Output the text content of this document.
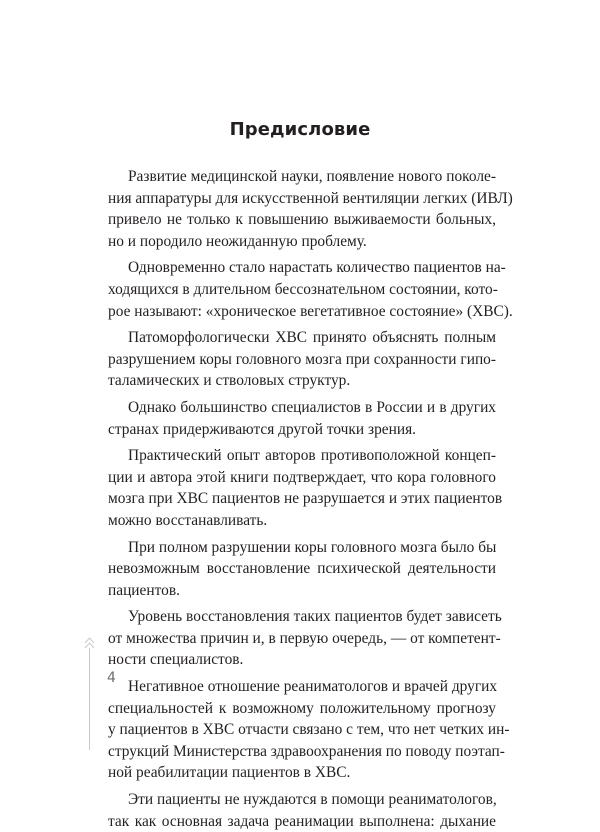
Предисловие
Развитие медицинской науки, появление нового поколе-
ния аппаратуры для искусственной вентиляции легких (ИВЛ)
привело не только к повышению выживаемости больных,
но и породило неожиданную проблему.
Одновременно стало нарастать количество пациентов на-
ходящихся в длительном бессознательном состоянии, кото-
рое называют: «хроническое вегетативное состояние» (ХВС).
Патоморфологически ХВС принято объяснять полным
разрушением коры головного мозга при сохранности гипо-
таламических и стволовых структур.
Однако большинство специалистов в России и в других
странах придерживаются другой точки зрения.
Практический опыт авторов противоположной концеп-
ции и автора этой книги подтверждает, что кора головного
мозга при ХВС пациентов не разрушается и этих пациентов
можно восстанавливать.
При полном разрушении коры головного мозга было бы
невозможным восстановление психической деятельности
пациентов.
Уровень восстановления таких пациентов будет зависеть
от множества причин и, в первую очередь, — от компетент-
ности специалистов.
Негативное отношение реаниматологов и врачей других
специальностей к возможному положительному прогнозу
у пациентов в ХВС отчасти связано с тем, что нет четких ин-
струкций Министерства здравоохранения по поводу поэтап-
ной реабилитации пациентов в ХВС.
Эти пациенты не нуждаются в помощи реаниматологов,
так как основная задача реанимации выполнена: дыхание
4
